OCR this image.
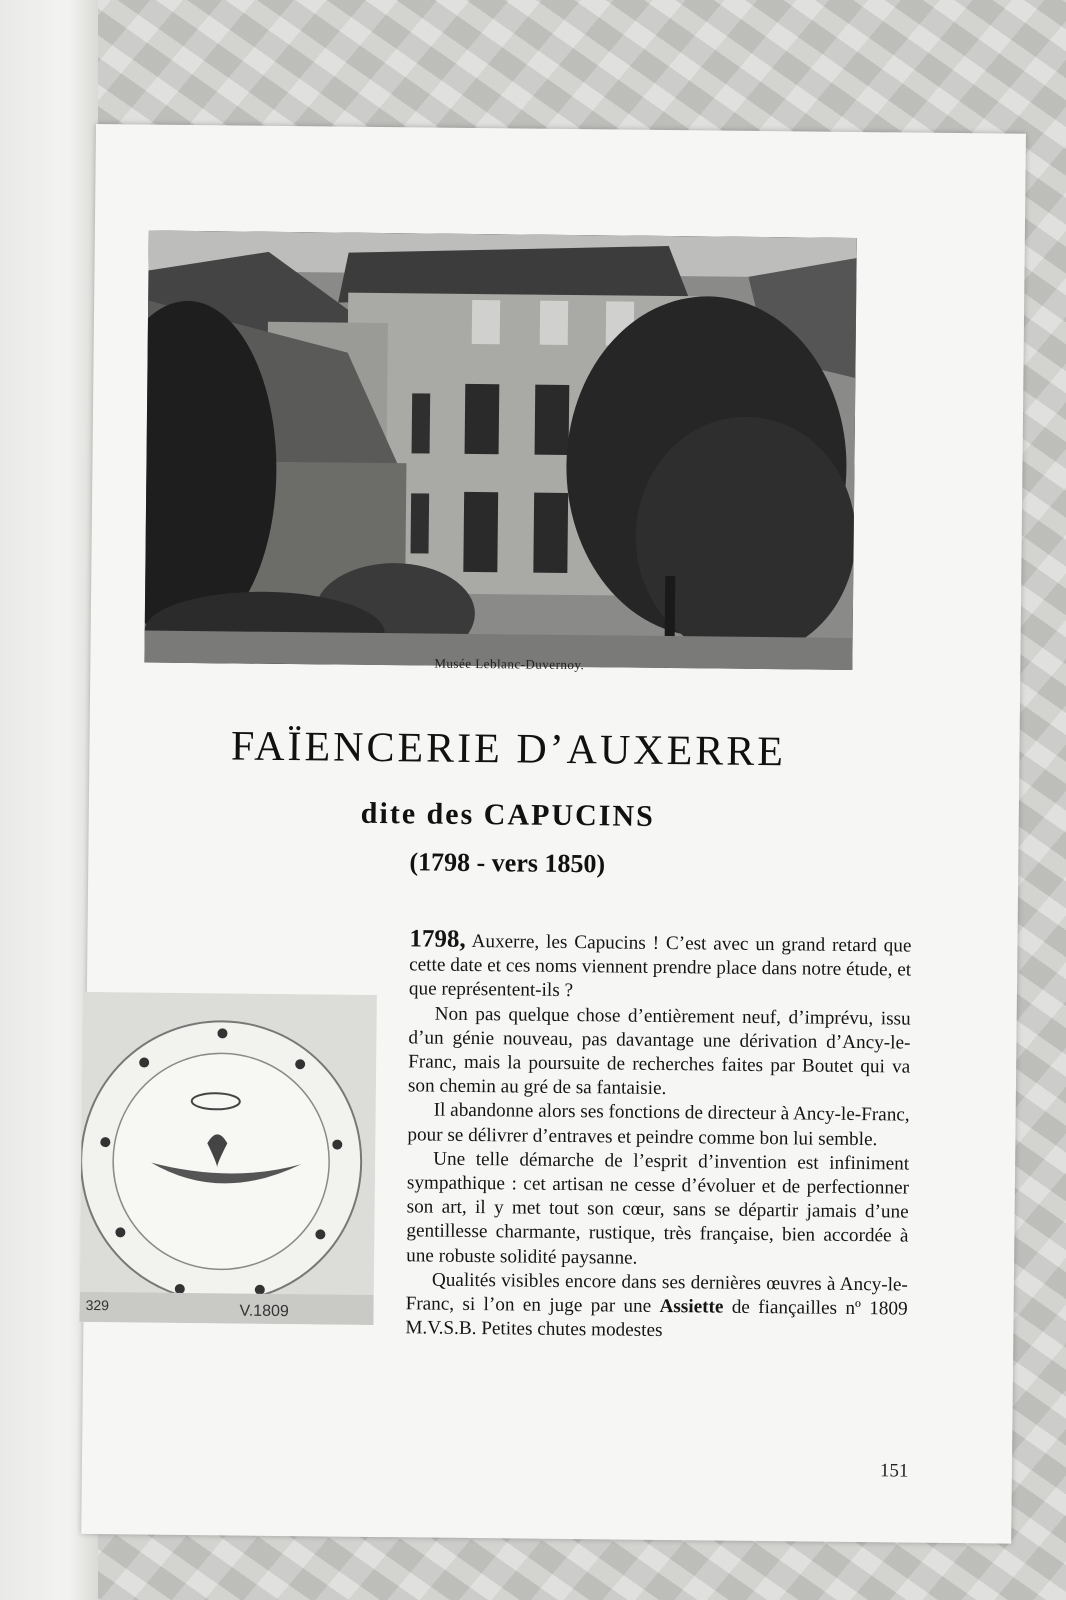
Musée Leblanc-Duvernoy.
FAÏENCERIE D’AUXERRE
dite des CAPUCINS
(1798 - vers 1850)
329	V.1809

1798, Auxerre, les Capucins ! C’est avec un grand retard que cette date et ces noms viennent prendre place dans notre étude, et que représentent-ils ?

Non pas quelque chose d’entièrement neuf, d’imprévu, issu d’un génie nouveau, pas davantage une dérivation d’Ancy-le-Franc, mais la poursuite de recherches faites par Boutet qui va son chemin au gré de sa fantaisie.

Il abandonne alors ses fonctions de directeur à Ancy-le-Franc, pour se délivrer d’entraves et peindre comme bon lui semble.

Une telle démarche de l’esprit d’invention est infiniment sympathique : cet artisan ne cesse d’évoluer et de perfectionner son art, il y met tout son cœur, sans se départir jamais d’une gentillesse charmante, rustique, très française, bien accordée à une robuste solidité paysanne.

Qualités visibles encore dans ses dernières œuvres à Ancy-le-Franc, si l’on en juge par une Assiette de fiançailles nº 1809 M.V.S.B. Petites chutes modestes

151
